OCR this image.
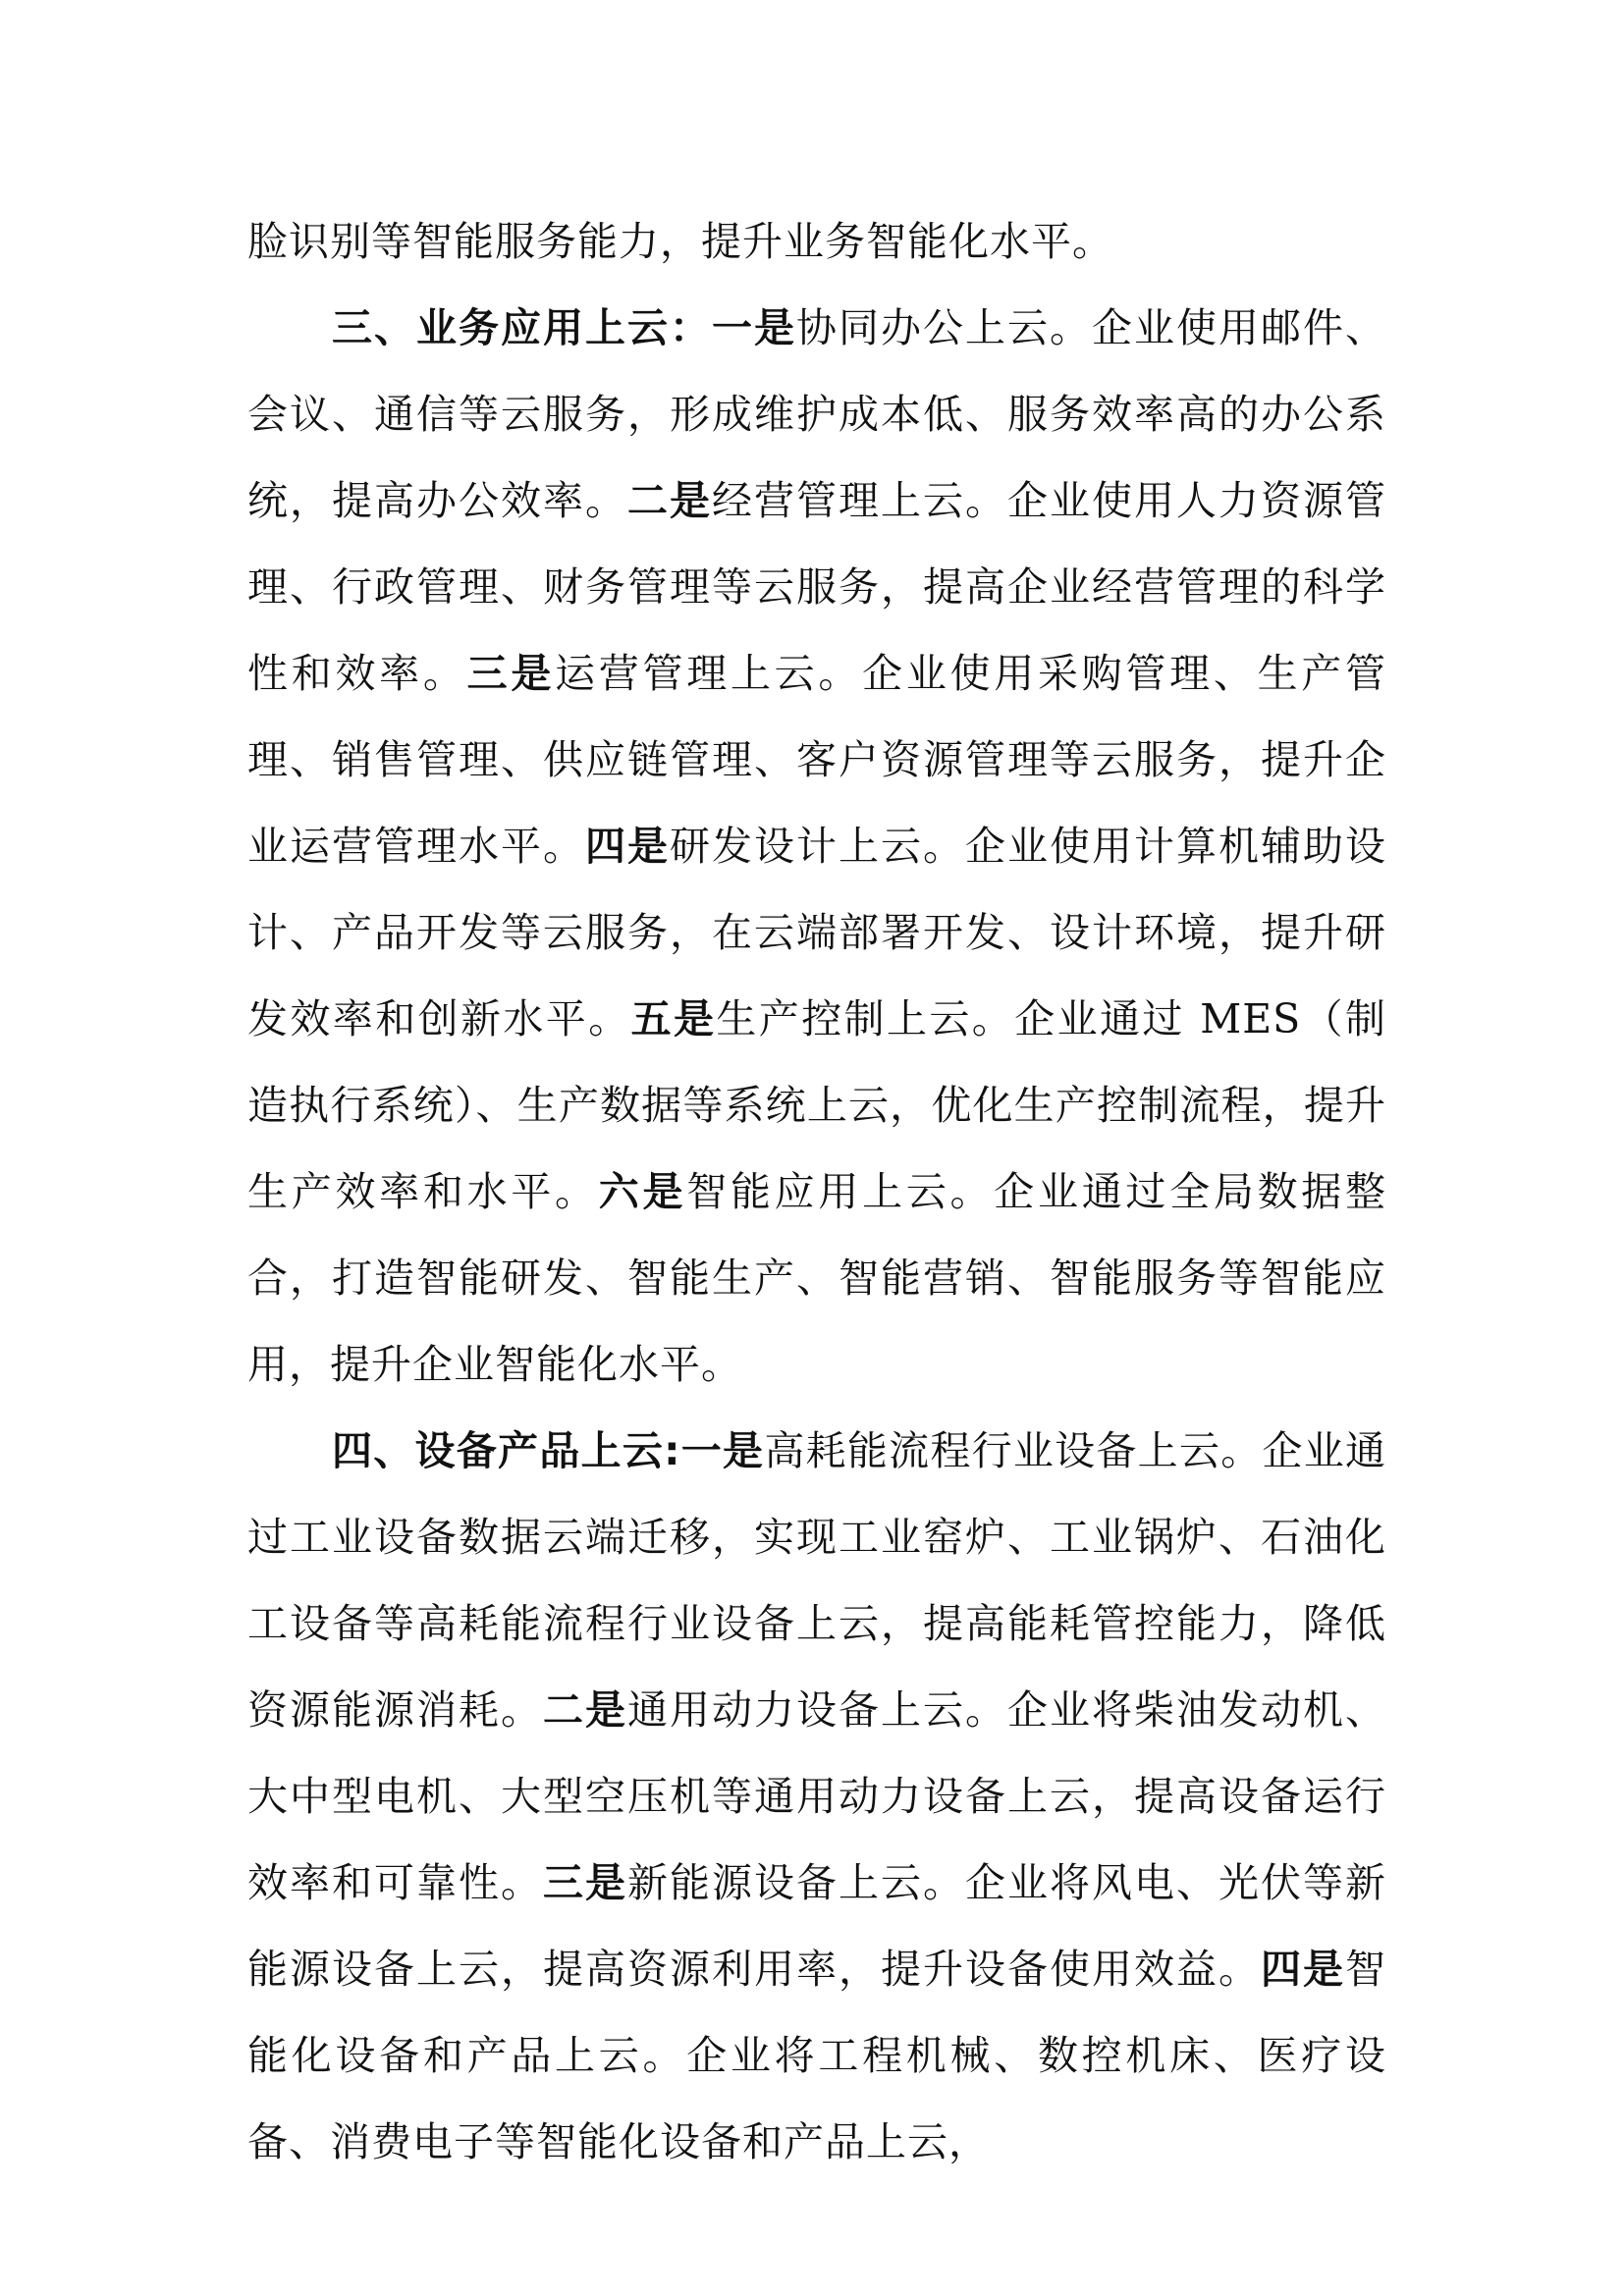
脸识别等智能服务能力，提升业务智能化水平。

三、业务应用上云：一是协同办公上云。企业使用邮件、会议、通信等云服务，形成维护成本低、服务效率高的办公系统，提高办公效率。二是经营管理上云。企业使用人力资源管理、行政管理、财务管理等云服务，提高企业经营管理的科学性和效率。三是运营管理上云。企业使用采购管理、生产管理、销售管理、供应链管理、客户资源管理等云服务，提升企业运营管理水平。四是研发设计上云。企业使用计算机辅助设计、产品开发等云服务，在云端部署开发、设计环境，提升研发效率和创新水平。五是生产控制上云。企业通过 MES（制造执行系统）、生产数据等系统上云，优化生产控制流程，提升生产效率和水平。六是智能应用上云。企业通过全局数据整合，打造智能研发、智能生产、智能营销、智能服务等智能应用，提升企业智能化水平。

四、设备产品上云:一是高耗能流程行业设备上云。企业通过工业设备数据云端迁移，实现工业窑炉、工业锅炉、石油化工设备等高耗能流程行业设备上云，提高能耗管控能力，降低资源能源消耗。二是通用动力设备上云。企业将柴油发动机、大中型电机、大型空压机等通用动力设备上云，提高设备运行效率和可靠性。三是新能源设备上云。企业将风电、光伏等新能源设备上云，提高资源利用率，提升设备使用效益。四是智能化设备和产品上云。企业将工程机械、数控机床、医疗设备、消费电子等智能化设备和产品上云，
